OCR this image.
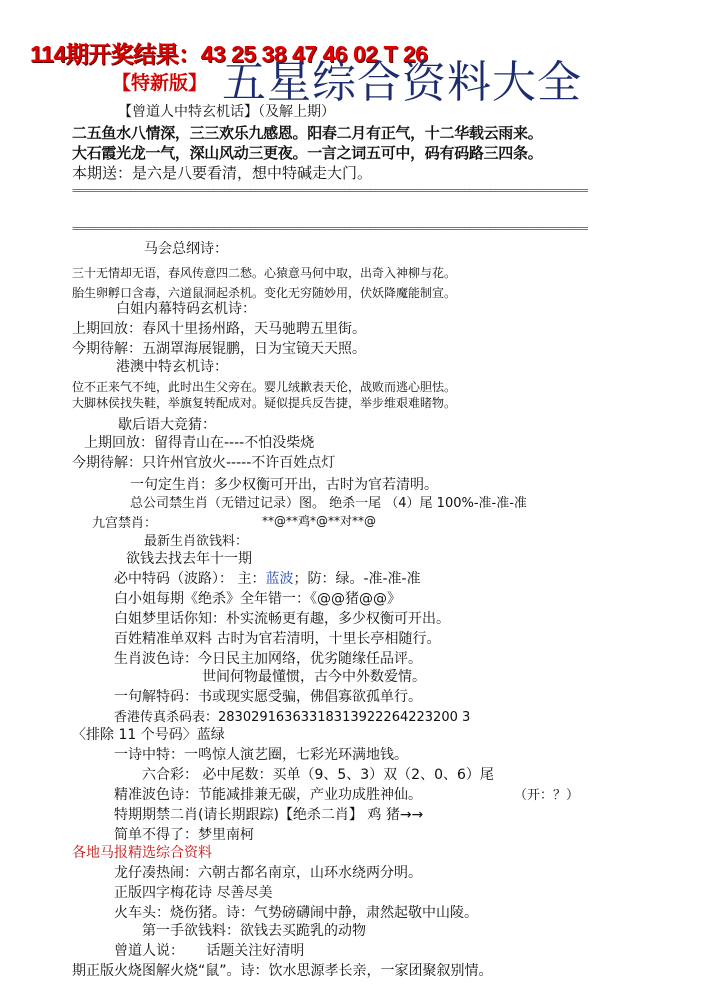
114期开奖结果：43 25 38 47 46 02 T 26
【特新版】 五星综合资料大全
【曾道人中特玄机话】（及解上期）
二五鱼水八情深，三三欢乐九感恩。阳春二月有正气，十二华载云雨来。
大石霞光龙一气，深山风动三更夜。一言之词五可中，码有码路三四条。
本期送：是六是八要看清，想中特碱走大门。
=====
=====
马会总纲诗：
三十无情却无语，春风传意四二愁。心猿意马何中取，出奇入神柳与花。
胎生卵孵口含毒，六道鼠洞起杀机。变化无穷随妙用，伏妖降魔能制宣。
白姐内幕特码玄机诗：
上期回放：春风十里扬州路，天马驰聘五里街。
今期待解：五湖罩海展锟鹏，日为宝镜天天照。
港澳中特玄机诗：
位不正来气不纯，此时出生父旁在。婴儿绒歉表天伦，战败而逃心胆怯。
大脚林侯找失鞋，举旗复转配成对。疑似提兵反告捷，举步维艰难睹物。
歇后语大竞猜：
上期回放：留得青山在----不怕没柴烧
今期待解：只许州官放火-----不许百姓点灯
一句定生肖：多少权衡可开出，古时为官若清明。
总公司禁生肖（无错过记录）图。 绝杀一尾 （4）尾 100%-准-准-准
九宫禁肖：	**@**鸡*@**对**@
最新生肖欲钱料：
欲钱去找去年十一期
必中特码（波路）： 主：蓝波；防：绿。-准-准-准
白小姐每期《绝杀》全年错一：《@@猪@@》
白姐梦里话你知：朴实流畅更有趣，多少权衡可开出。
百姓精准单双料 古时为官若清明，十里长亭相随行。
生肖波色诗：今日民主加网络，优劣随缘任品评。
世间何物最懂惯，古今中外数爱情。
一句解特码：书或现实愿受骗，佛倡寡欲孤单行。
香港传真杀码表：28302916363318313922264223200 3
〈排除 11 个号码〉蓝绿
一诗中特：一鸣惊人演艺圈，七彩光环满地钱。
六合彩： 必中尾数：买单（9、5、3）双（2、0、6）尾
精准波色诗：节能减排兼无碳，产业功成胜神仙。	（开：？）
特期期禁二肖(请长期跟踪)【绝杀二肖】 鸡 猪→→
简单不得了：梦里南柯
各地马报精选综合资料
龙仔凑热闹：六朝古都名南京，山环水绕两分明。
正版四字梅花诗 尽善尽美
火车头：烧伤猪。诗：气势磅礴闹中静，肃然起敬中山陵。
第一手欲钱料：欲钱去买跪乳的动物
曾道人说：     话题关注好清明
期正版火烧图解火烧“鼠”。诗：饮水思源孝长亲，一家团聚叙别情。
